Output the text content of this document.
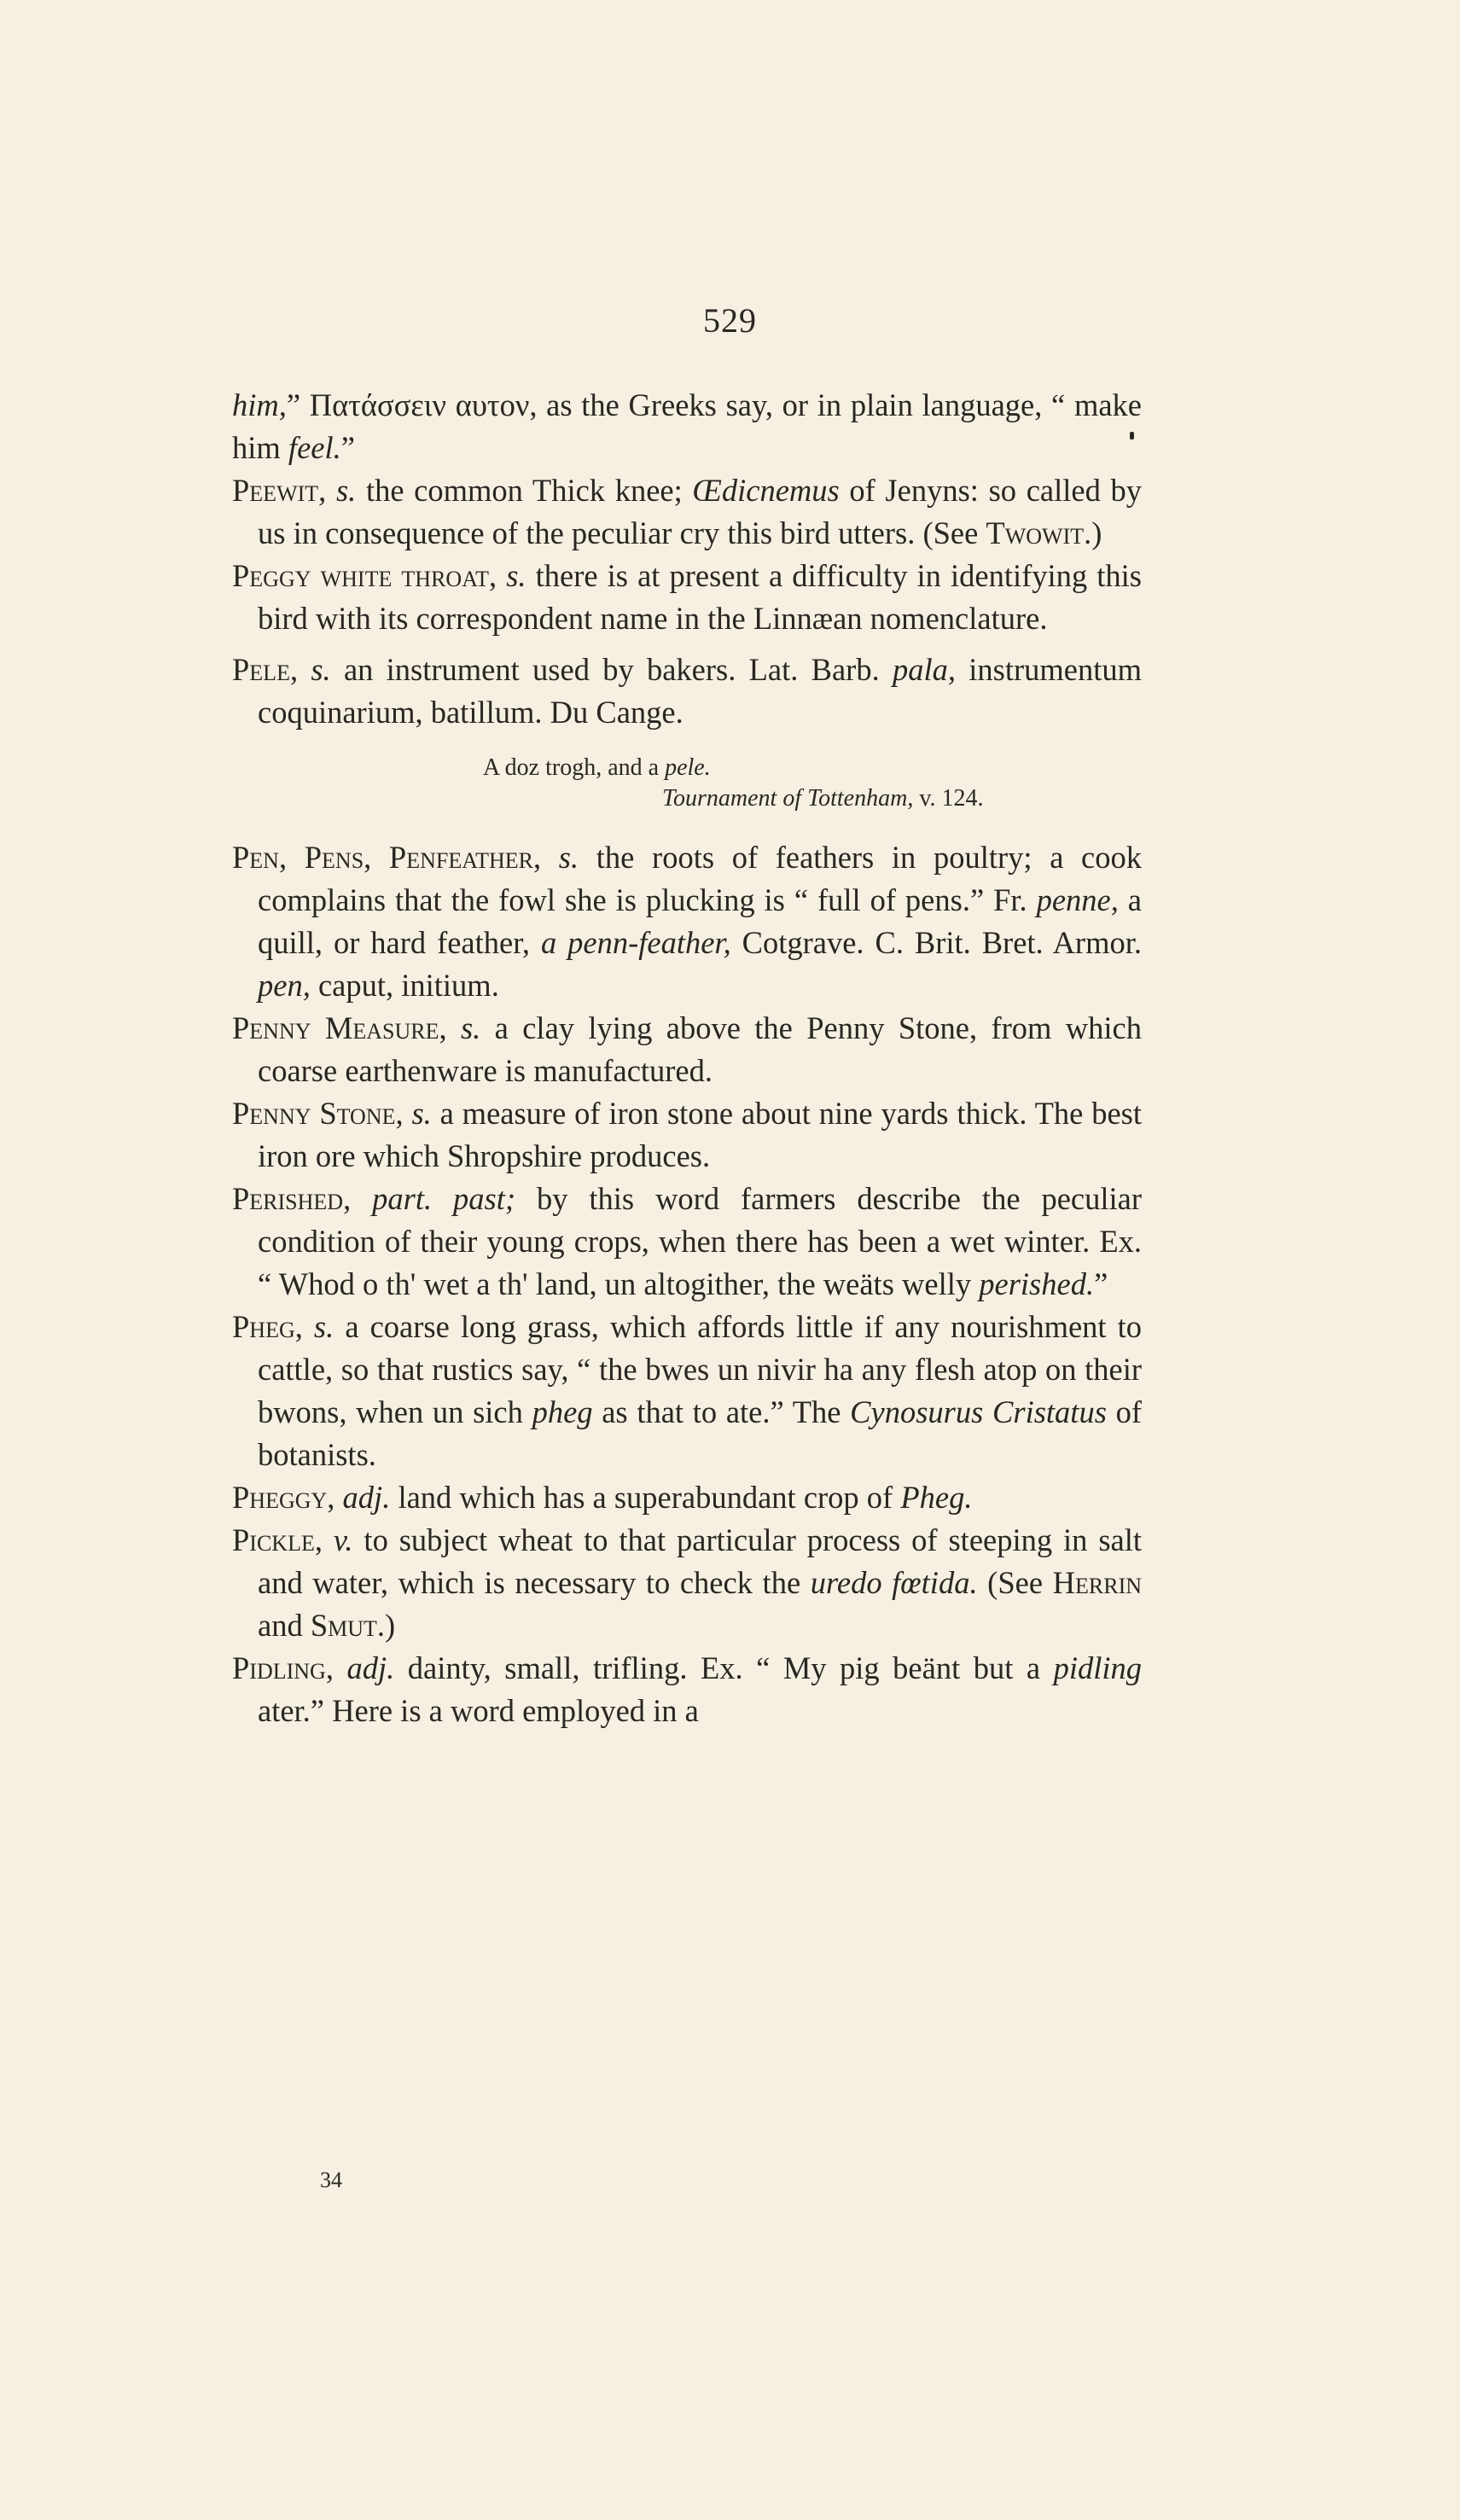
529

him,” Πατάσσειν αυτον, as the Greeks say, or in plain language, “ make him feel.”

Peewit, s. the common Thick knee; Œdicnemus of Jenyns: so called by us in consequence of the peculiar cry this bird utters. (See Twowit.)

Peggy white throat, s. there is at present a difficulty in identifying this bird with its correspondent name in the Linnæan nomenclature.

Pele, s. an instrument used by bakers. Lat. Barb. pala, instrumentum coquinarium, batillum. Du Cange.

A doz trogh, and a pele.
Tournament of Tottenham, v. 124.

Pen, Pens, Penfeather, s. the roots of feathers in poultry; a cook complains that the fowl she is plucking is “ full of pens.” Fr. penne, a quill, or hard feather, a penn-feather, Cotgrave. C. Brit. Bret. Armor. pen, caput, initium.

Penny Measure, s. a clay lying above the Penny Stone, from which coarse earthenware is manufactured.

Penny Stone, s. a measure of iron stone about nine yards thick. The best iron ore which Shropshire produces.

Perished, part. past; by this word farmers describe the peculiar condition of their young crops, when there has been a wet winter. Ex. “ Whod o th' wet a th' land, un altogither, the weäts welly perished.”

Pheg, s. a coarse long grass, which affords little if any nourishment to cattle, so that rustics say, “ the bwes un nivir ha any flesh atop on their bwons, when un sich pheg as that to ate.” The Cynosurus Cristatus of botanists.

Pheggy, adj. land which has a superabundant crop of Pheg.

Pickle, v. to subject wheat to that particular process of steeping in salt and water, which is necessary to check the uredo fœtida. (See Herrin and Smut.)

Pidling, adj. dainty, small, trifling. Ex. “ My pig beänt but a pidling ater.” Here is a word employed in a

34
